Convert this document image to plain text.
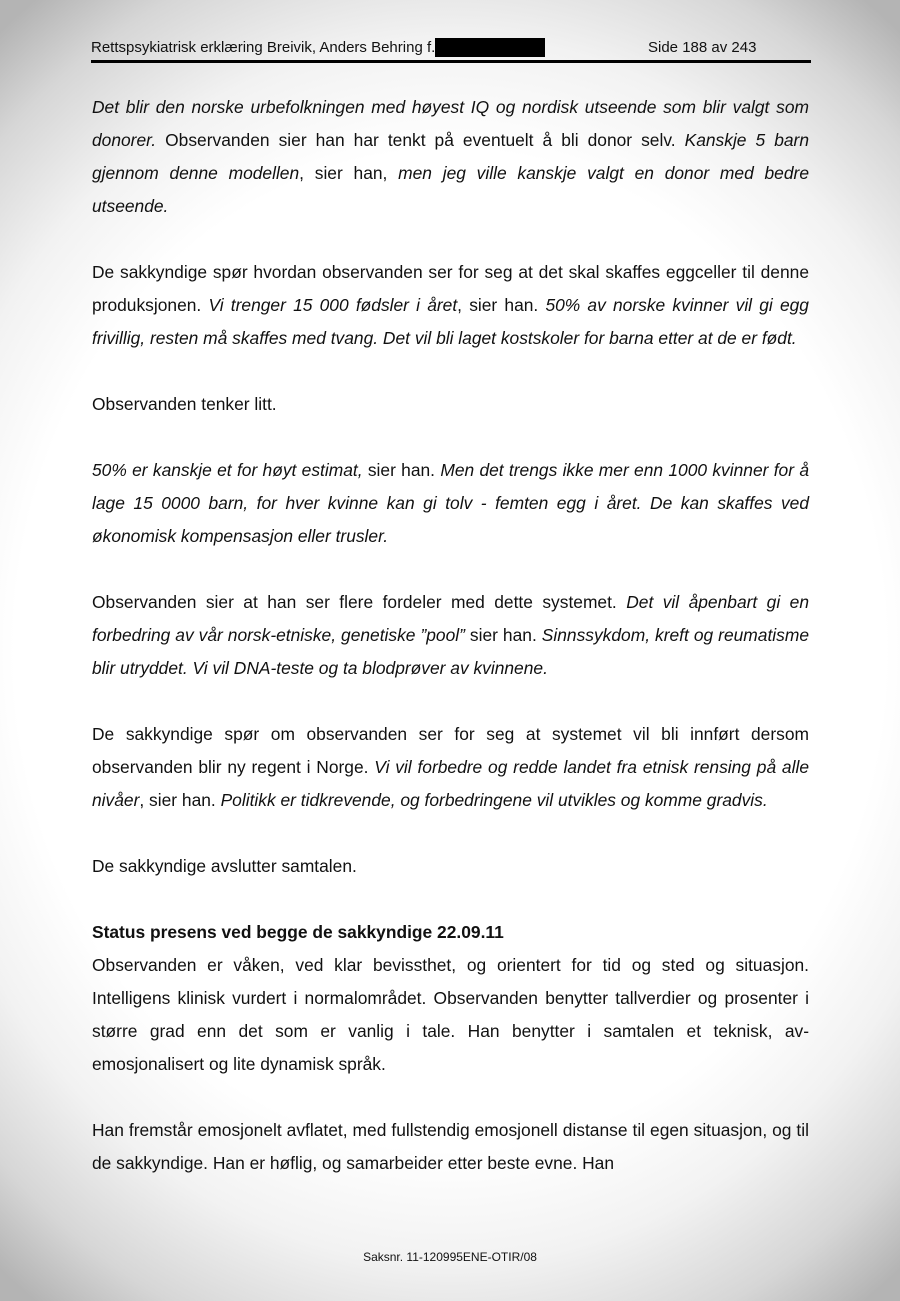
Rettspsykiatrisk erklæring Breivik, Anders Behring f.	Side 188 av 243

Det blir den norske urbefolkningen med høyest IQ og nordisk utseende som blir valgt som donorer. Observanden sier han har tenkt på eventuelt å bli donor selv. Kanskje 5 barn gjennom denne modellen, sier han, men jeg ville kanskje valgt en donor med bedre utseende.

De sakkyndige spør hvordan observanden ser for seg at det skal skaffes eggceller til denne produksjonen. Vi trenger 15 000 fødsler i året, sier han. 50% av norske kvinner vil gi egg frivillig, resten må skaffes med tvang. Det vil bli laget kostskoler for barna etter at de er født.

Observanden tenker litt.

50% er kanskje et for høyt estimat, sier han. Men det trengs ikke mer enn 1000 kvinner for å lage 15 0000 barn, for hver kvinne kan gi tolv - femten egg i året. De kan skaffes ved økonomisk kompensasjon eller trusler.

Observanden sier at han ser flere fordeler med dette systemet. Det vil åpenbart gi en forbedring av vår norsk-etniske, genetiske ”pool” sier han. Sinnssykdom, kreft og reumatisme blir utryddet. Vi vil DNA-teste og ta blodprøver av kvinnene.

De sakkyndige spør om observanden ser for seg at systemet vil bli innført dersom observanden blir ny regent i Norge. Vi vil forbedre og redde landet fra etnisk rensing på alle nivåer, sier han. Politikk er tidkrevende, og forbedringene vil utvikles og komme gradvis.

De sakkyndige avslutter samtalen.

Status presens ved begge de sakkyndige 22.09.11

Observanden er våken, ved klar bevissthet, og orientert for tid og sted og situasjon. Intelligens klinisk vurdert i normalområdet. Observanden benytter tallverdier og prosenter i større grad enn det som er vanlig i tale. Han benytter i samtalen et teknisk, av- emosjonalisert og lite dynamisk språk.

Han fremstår emosjonelt avflatet, med fullstendig emosjonell distanse til egen situasjon, og til de sakkyndige. Han er høflig, og samarbeider etter beste evne. Han

Saksnr. 11-120995ENE-OTIR/08
